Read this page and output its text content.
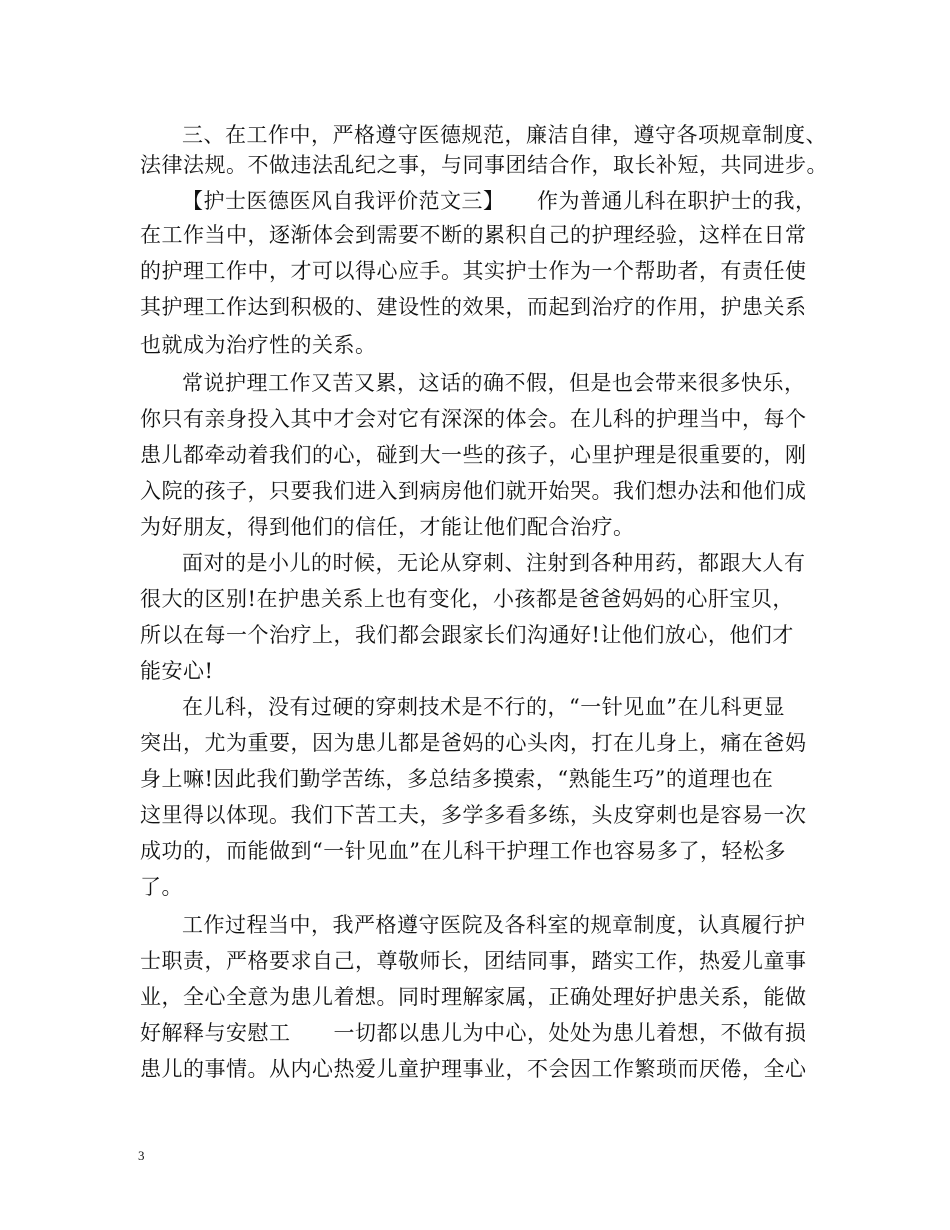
三、在工作中，严格遵守医德规范，廉洁自律，遵守各项规章制度、
法律法规。不做违法乱纪之事，与同事团结合作，取长补短，共同进步。
【护士医德医风自我评价范文三】　　作为普通儿科在职护士的我，
在工作当中，逐渐体会到需要不断的累积自己的护理经验，这样在日常
的护理工作中，才可以得心应手。其实护士作为一个帮助者，有责任使
其护理工作达到积极的、建设性的效果，而起到治疗的作用，护患关系
也就成为治疗性的关系。
常说护理工作又苦又累，这话的确不假，但是也会带来很多快乐，
你只有亲身投入其中才会对它有深深的体会。在儿科的护理当中，每个
患儿都牵动着我们的心，碰到大一些的孩子，心里护理是很重要的，刚
入院的孩子，只要我们进入到病房他们就开始哭。我们想办法和他们成
为好朋友，得到他们的信任，才能让他们配合治疗。
面对的是小儿的时候，无论从穿刺、注射到各种用药，都跟大人有
很大的区别!在护患关系上也有变化，小孩都是爸爸妈妈的心肝宝贝，
所以在每一个治疗上，我们都会跟家长们沟通好!让他们放心，他们才
能安心!
在儿科，没有过硬的穿刺技术是不行的，“一针见血”在儿科更显
突出，尤为重要，因为患儿都是爸妈的心头肉，打在儿身上，痛在爸妈
身上嘛!因此我们勤学苦练，多总结多摸索，“熟能生巧”的道理也在
这里得以体现。我们下苦工夫，多学多看多练，头皮穿刺也是容易一次
成功的，而能做到“一针见血”在儿科干护理工作也容易多了，轻松多
了。
工作过程当中，我严格遵守医院及各科室的规章制度，认真履行护
士职责，严格要求自己，尊敬师长，团结同事，踏实工作，热爱儿童事
业，全心全意为患儿着想。同时理解家属，正确处理好护患关系，能做
好解释与安慰工　　一切都以患儿为中心，处处为患儿着想，不做有损
患儿的事情。从内心热爱儿童护理事业，不会因工作繁琐而厌倦，全心
3
